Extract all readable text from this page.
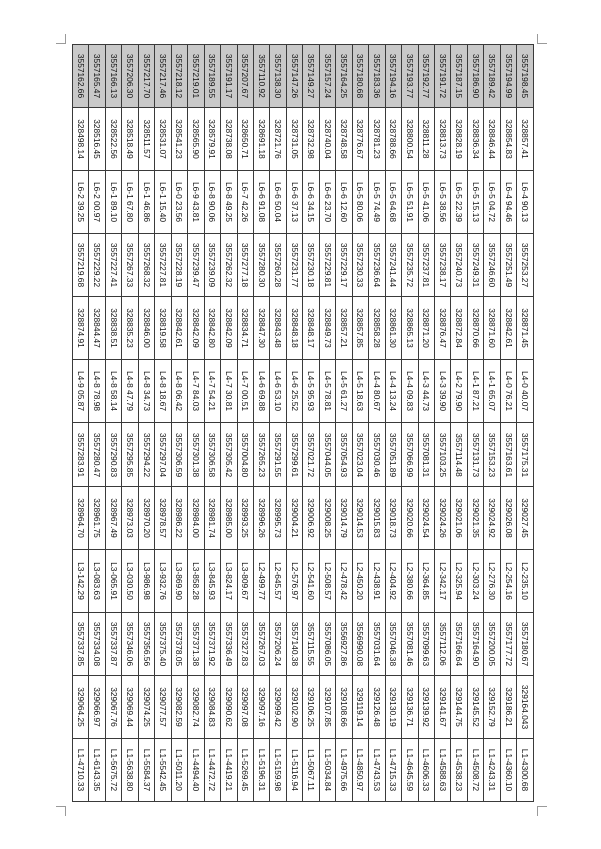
3557162.66	3557165.47	3557166.13	3557206.30	3557217.70	3557217.46	3557218.12	3557219.01	3557189.55	3557191.17	3557207.67	3557110.92	3557138.30	3557147.26	3557149.27	3557157.24	3557164.25	3557180.68	3557183.36	3557194.16	3557193.77	3557192.77	3557191.72	3557187.15	3557186.90	3557189.42	3557194.99	3557198.45

328498.14	328516.45	328522.56	328518.49	328511.57	328531.07	328541.23	328565.90	328579.91	328738.08	328650.71	328691.18	328721.76	328731.05	328732.98	328740.04	328748.58	328776.67	328781.23	328788.66	328800.54	328811.28	328813.73	328828.19	328836.34	328846.44	328854.83	328857.41

L6-2 39.25	L6-2 00.97	L6-1 89.10	L6-1 67.80	L6-1 46.86	L6-1 15.40	L6-0 23.56	L6-9 43.81	L6-8 90.06	L6-8 49.25	L6-7 42.26	L6-6 91.08	L6-6 50.04	L6-6 37.13	L6-6 34.15	L6-6 23.70	L6-6 12.60	L6-5 80.06	L6-5 74.49	L6-5 64.68	L6-5 51.91	L6-5 41.06	L6-5 38.56	L6-5 22.39	L6-5 15.13	L6-5 04.72	L6-4 94.46	L6-4 90.13

3557219.68	3557229.22	3557227.41	3557267.33	3557268.32	3557227.81	3557228.19	3557239.47	3557239.09	3557262.32	3557277.18	3557280.30	3557260.28	3557231.77	3557230.18	3557229.81	3557229.17	3557230.33	3557236.64	3557241.44	3557235.72	3557237.81	3557238.17	3557240.73	3557249.31	3557246.60	3557251.49	3557253.27

328874.91	328844.47	328838.51	328835.23	328846.00	328819.58	328842.61	328842.09	328842.80	328842.09	328834.71	328847.30	328843.48	328848.18	328848.17	328849.73	328857.21	328857.85	328858.28	328861.30	328865.13	328871.20	328876.47	328872.84	328870.66	328871.60	328842.61	328871.45

L4-9 05.87	L4-8 78.98	L4-8 58.14	L4-8 47.79	L4-8 34.73	L4-8 18.67	L4-8 06.42	L4-7 84.03	L4-7 54.21	L4-7 30.81	L4-7 00.51	L4-6 69.88	L4-6 53.10	L4-6 25.52	L4-5 95.93	L4-5 78.81	L4-5 61.27	L4-5 18.63	L4-4 80.67	L4-4 13.24	L4-4 09.83	L4-3 44.73	L4-3 39.90	L4-2 79.90	L4-1 87.21	L4-1 65.07	L4-0 76.21	L4-0 40.07

3557283.91	3557280.47	3557290.83	3557295.85	3557294.22	3557297.04	3557306.59	3557301.38	3557306.58	3557305.42	3557004.80	3557265.23	3557291.55	3557299.61	3557021.72	3557044.05	3557054.93	3557023.04	3557030.46	3557051.89	3557066.99	3557081.31	3557103.25	3557114.48	3557131.73	3557153.23	3557163.61	3557175.31

328964.70	328961.75	328967.49	328973.03	328970.20	328978.57	328986.22	328984.00	328981.74	328985.00	328993.25	328996.26	328995.73	329004.21	329006.92	329008.25	329014.79	329014.53	329015.83	329018.73	329020.66	329024.54	329024.26	329021.06	329021.35	329024.92	329026.08	329027.45

L3-142.29	L3-083.63	L3-065.91	L3-030.50	L3-986.98	L3-932.76	L3-869.90	L3-858.28	L3-845.93	L3-824.17	L3-809.67	L2-499.77	L2-645.57	L2-576.97	L2-541.60	L2-508.57	L2-478.42	L2-450.20	L2-438.91	L2-404.92	L2-380.66	L2-364.85	L2-342.17	L2-325.94	L2-303.24	L2-276.30	L2-254.16	L2-235.10

3557337.85	3557334.08	3557337.87	3557346.06	3557356.56	3557375.40	3557378.05	3557371.38	3557371.92	3557336.49	3557327.83	3557267.03	3557206.24	3557140.38	3557115.55	3557086.05	3556927.86	3556990.08	3557031.64	3557046.38	3557081.46	3557099.63	3557112.06	3557166.64	3557164.90	3557200.05	3557177.72	3557180.67

329064.25	329066.97	329067.76	329069.44	329074.25	329077.57	329082.59	329082.74	329084.83	329090.62	329097.08	329097.16	329099.42	329102.90	329106.25	329107.85	329108.66	329119.14	329126.48	329130.19	329136.71	329139.92	329141.67	329144.75	329145.52	329152.79	329186.21	329164.043

L1-4710.33	L1-6143.35	L1-5675.72	L1-5638.80	L1-5584.37	L1-5542.45	L1-5011.20	L1-4494.40	L1-4472.72	L1-4419.21	L1-5269.45	L1-5196.31	L1-5159.98	L1-5116.94	L1-5067.11	L1-5034.84	L1-4975.66	L1-4850.97	L1-4743.53	L1-4715.33	L1-4645.59	L1-4606.33	L1-4588.63	L1-4538.23	L1-4508.72	L1-4243.31	L1-4360.10	L1-4300.68
